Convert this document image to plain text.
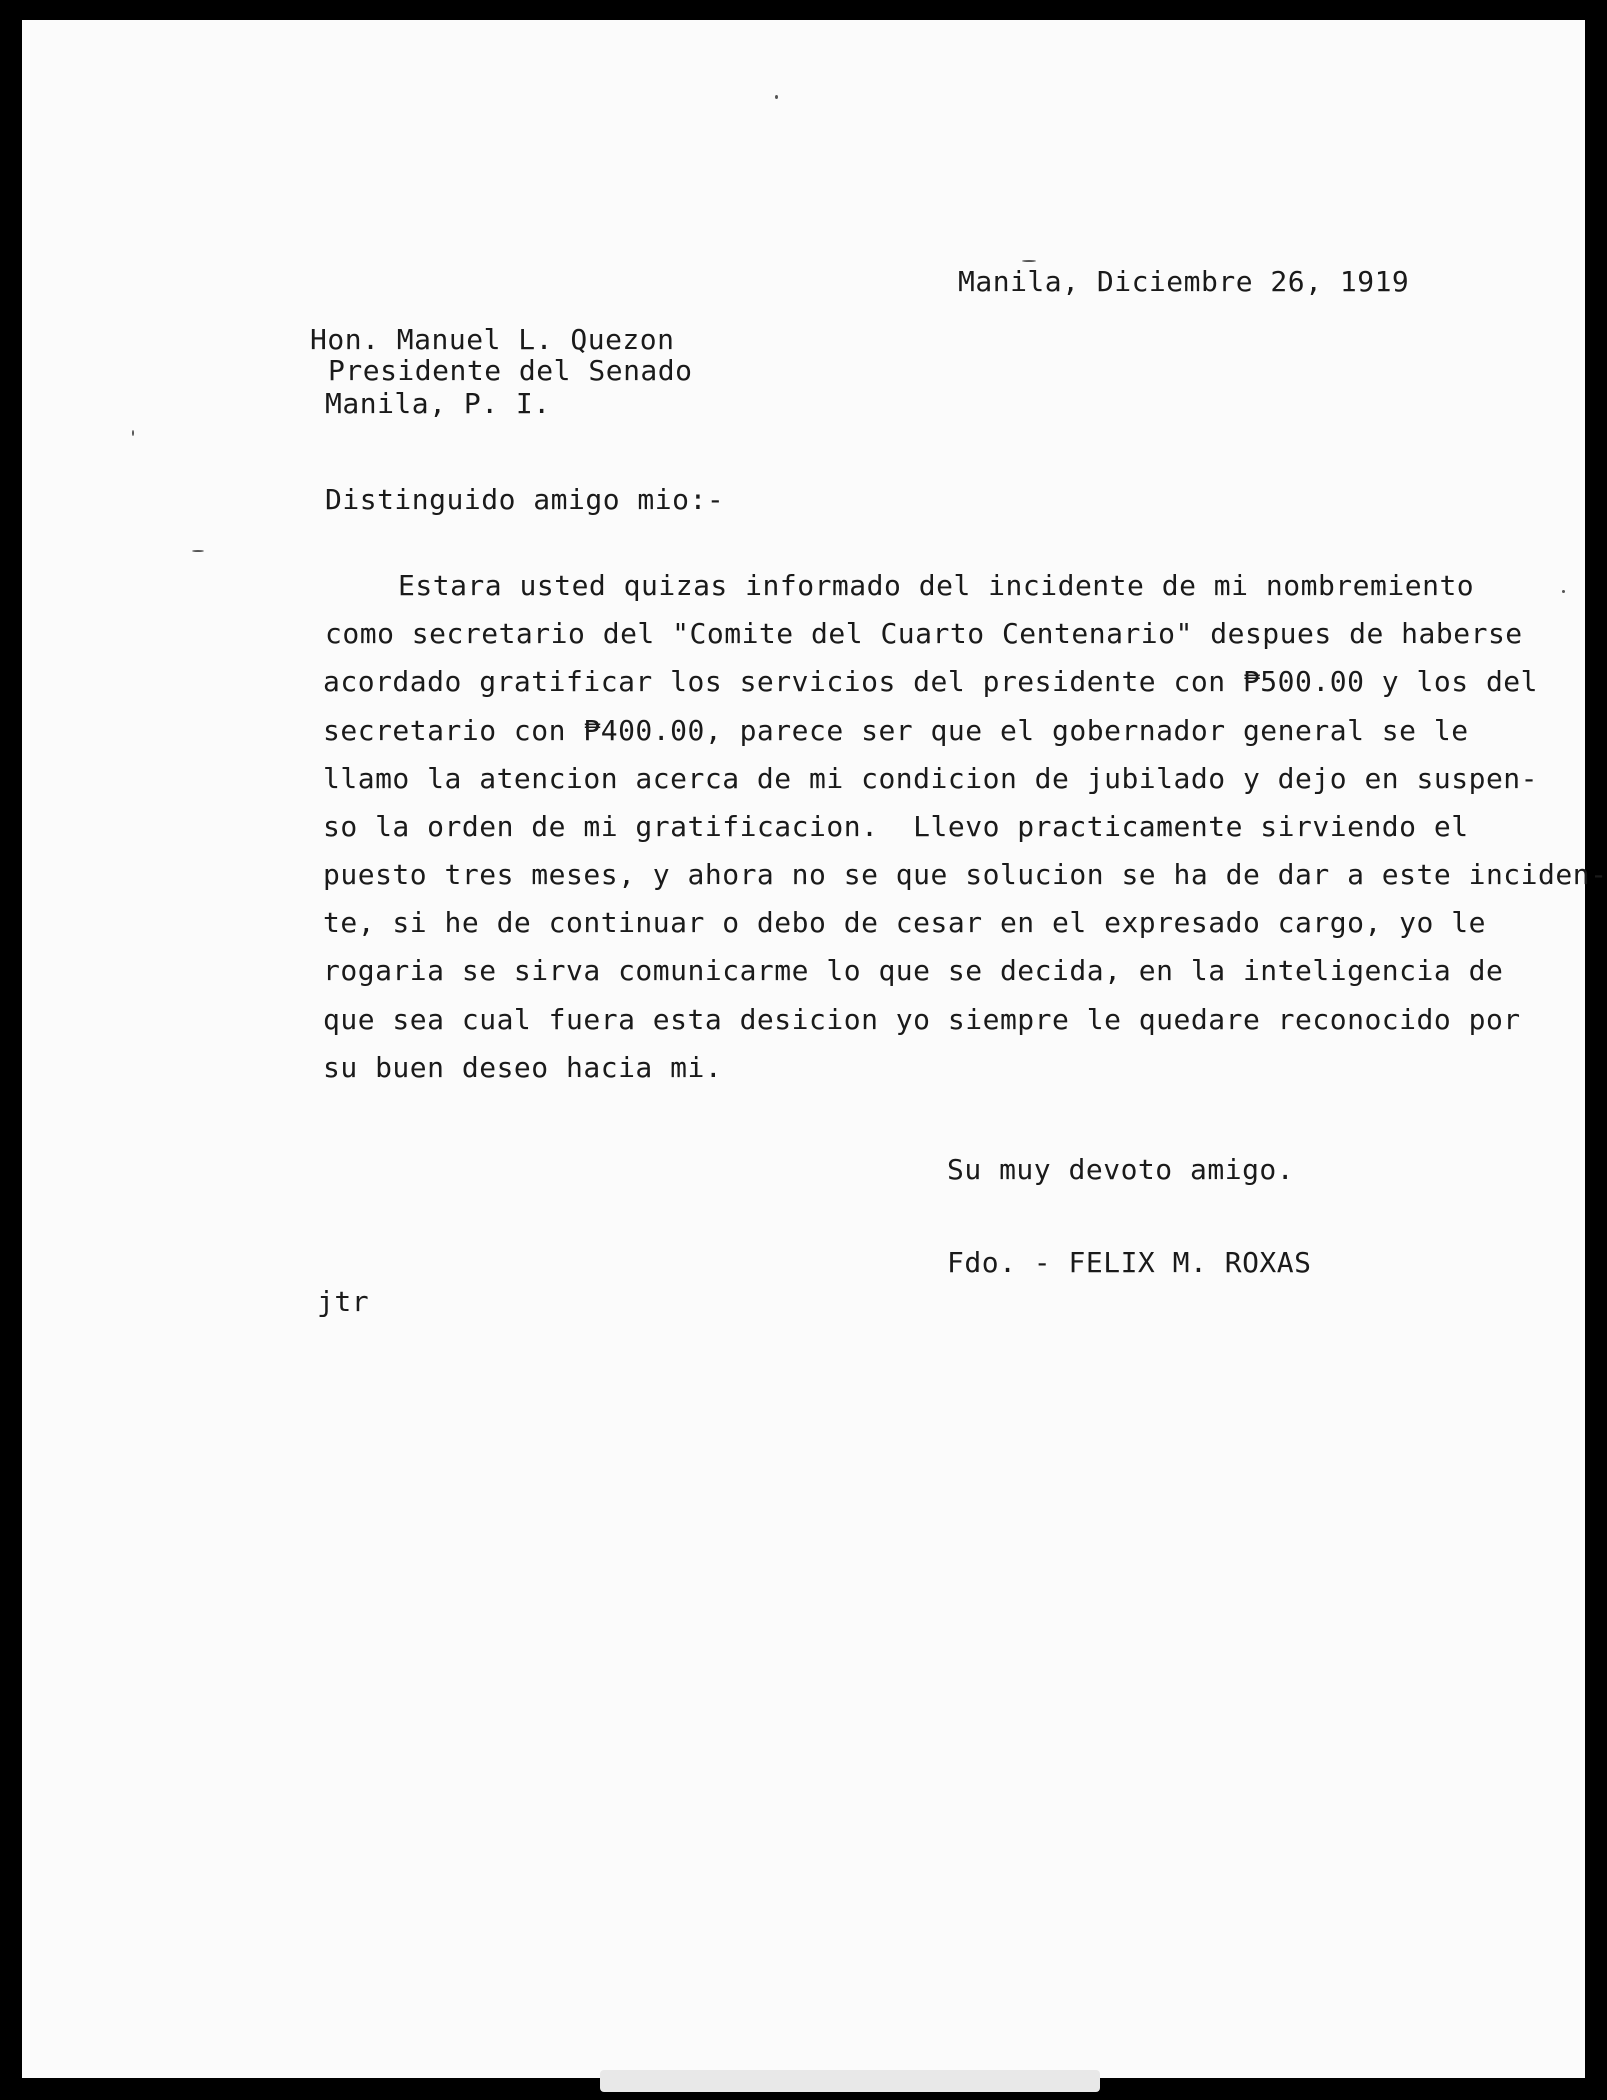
Manila, Diciembre 26, 1919
Hon. Manuel L. Quezon
Presidente del Senado
Manila, P. I.
Distinguido amigo mio:-
Estara usted quizas informado del incidente de mi nombremiento
como secretario del "Comite del Cuarto Centenario" despues de haberse
acordado gratificar los servicios del presidente con ₱500.00 y los del
secretario con ₱400.00, parece ser que el gobernador general se le
llamo la atencion acerca de mi condicion de jubilado y dejo en suspen-
so la orden de mi gratificacion.  Llevo practicamente sirviendo el
puesto tres meses, y ahora no se que solucion se ha de dar a este inciden-
te, si he de continuar o debo de cesar en el expresado cargo, yo le
rogaria se sirva comunicarme lo que se decida, en la inteligencia de
que sea cual fuera esta desicion yo siempre le quedare reconocido por
su buen deseo hacia mi.
Su muy devoto amigo.
Fdo. - FELIX M. ROXAS
jtr
